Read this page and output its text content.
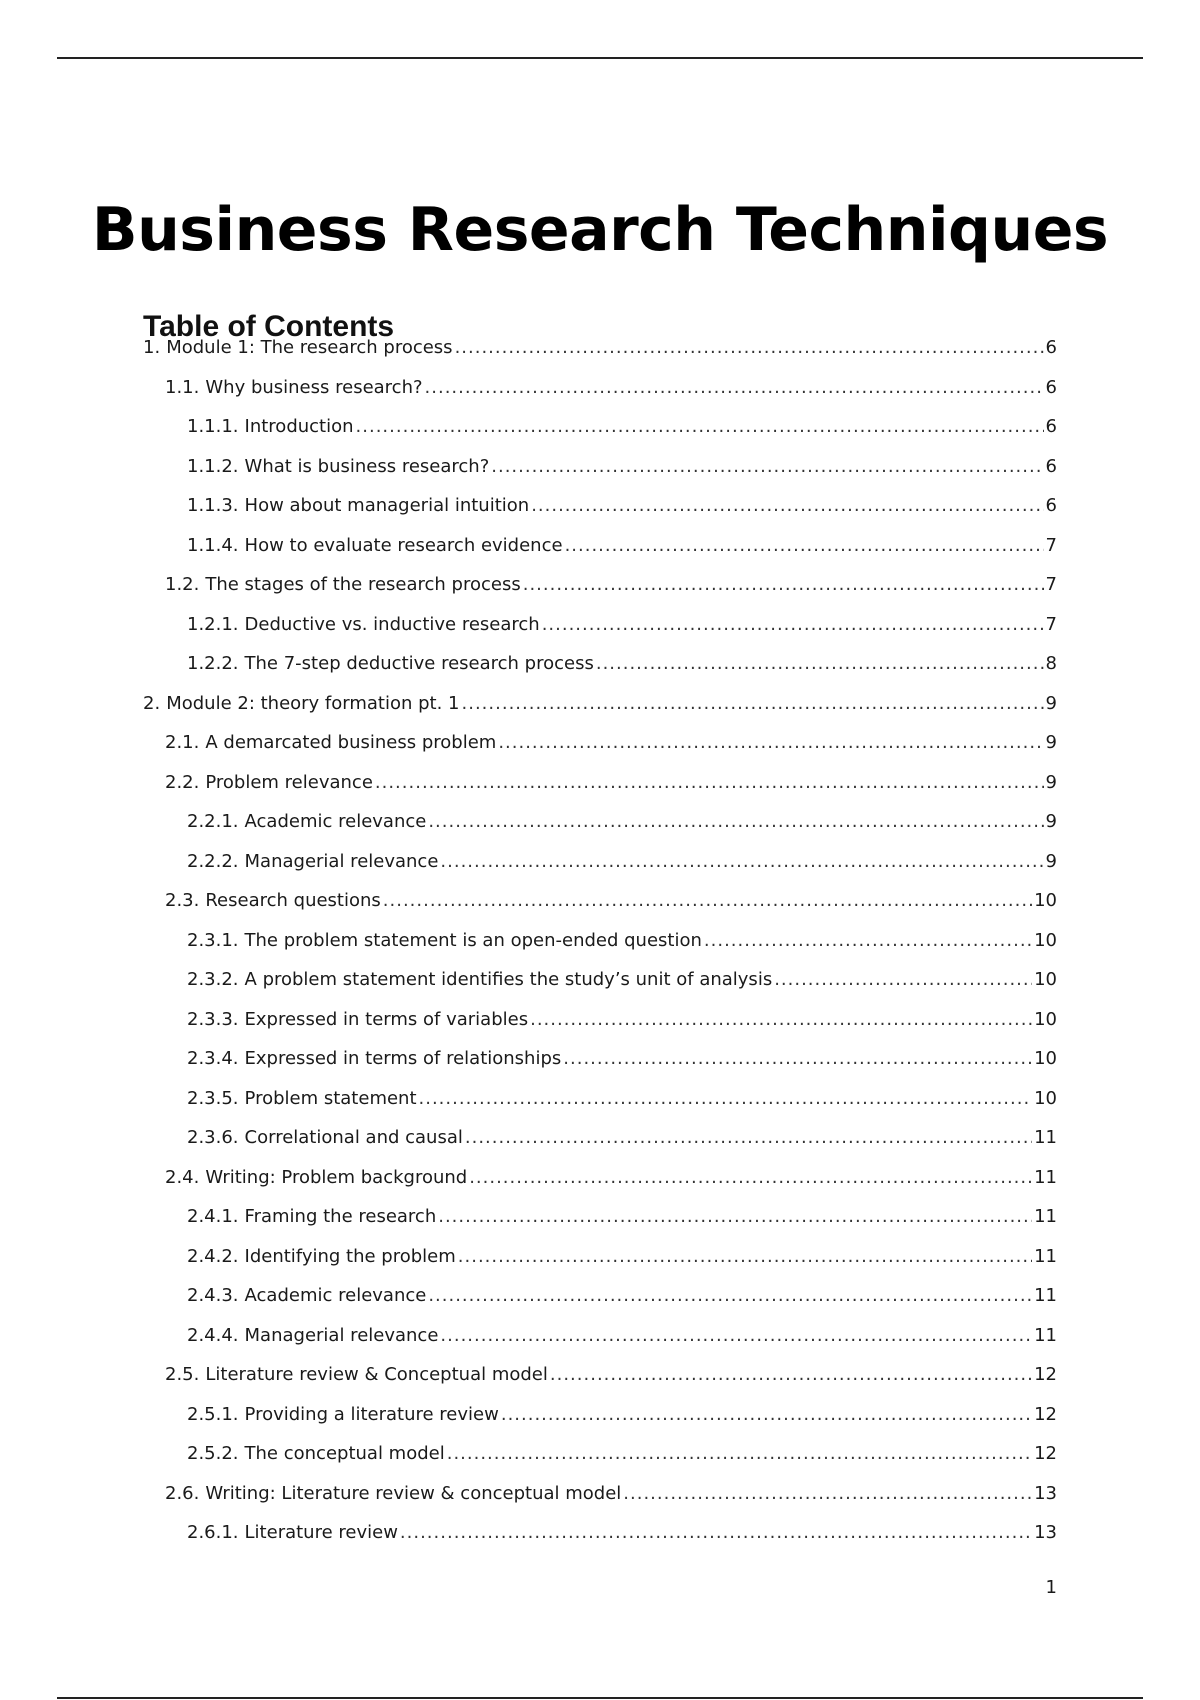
Business Research Techniques
Table of Contents
1. Module 1: The research process .....	6
1.1. Why business research? .....	6
1.1.1. Introduction .....	6
1.1.2. What is business research? .....	6
1.1.3. How about managerial intuition .....	6
1.1.4. How to evaluate research evidence .....	7
1.2. The stages of the research process .....	7
1.2.1. Deductive vs. inductive research .....	7
1.2.2. The 7-step deductive research process .....	8
2. Module 2: theory formation pt. 1 .....	9
2.1. A demarcated business problem .....	9
2.2. Problem relevance .....	9
2.2.1. Academic relevance .....	9
2.2.2. Managerial relevance .....	9
2.3. Research questions .....	10
2.3.1. The problem statement is an open-ended question .....	10
2.3.2. A problem statement identifies the study’s unit of analysis .....	10
2.3.3. Expressed in terms of variables .....	10
2.3.4. Expressed in terms of relationships .....	10
2.3.5. Problem statement .....	10
2.3.6. Correlational and causal .....	11
2.4. Writing: Problem background .....	11
2.4.1. Framing the research .....	11
2.4.2. Identifying the problem .....	11
2.4.3. Academic relevance .....	11
2.4.4. Managerial relevance .....	11
2.5. Literature review & Conceptual model .....	12
2.5.1. Providing a literature review .....	12
2.5.2. The conceptual model .....	12
2.6. Writing: Literature review & conceptual model .....	13
2.6.1. Literature review .....	13
1
